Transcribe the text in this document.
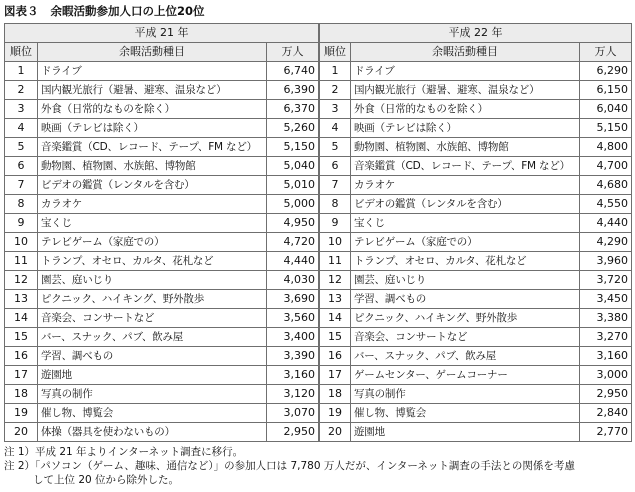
図表３ 余暇活動参加人口の上位20位
平成 21 年		
順位	余暇活動種目	万人
1	ドライブ	6,740
2	国内観光旅行（避暑、避寒、温泉など）	6,390
3	外食（日常的なものを除く）	6,370
4	映画（テレビは除く）	5,260
5	音楽鑑賞（CD、レコード、テープ、FM など）	5,150
6	動物園、植物園、水族館、博物館	5,040
7	ビデオの鑑賞（レンタルを含む）	5,010
8	カラオケ	5,000
9	宝くじ	4,950
10	テレビゲーム（家庭での）	4,720
11	トランプ、オセロ、カルタ、花札など	4,440
12	園芸、庭いじり	4,030
13	ピクニック、ハイキング、野外散歩	3,690
14	音楽会、コンサートなど	3,560
15	バー、スナック、パブ、飲み屋	3,400
16	学習、調べもの	3,390
17	遊園地	3,160
18	写真の制作	3,120
19	催し物、博覧会	3,070
20	体操（器具を使わないもの）	2,950
平成 22 年		
順位	余暇活動種目	万人
1	ドライブ	6,290
2	国内観光旅行（避暑、避寒、温泉など）	6,150
3	外食（日常的なものを除く）	6,040
4	映画（テレビは除く）	5,150
5	動物園、植物園、水族館、博物館	4,800
6	音楽鑑賞（CD、レコード、テープ、FM など）	4,700
7	カラオケ	4,680
8	ビデオの鑑賞（レンタルを含む）	4,550
9	宝くじ	4,440
10	テレビゲーム（家庭での）	4,290
11	トランプ、オセロ、カルタ、花札など	3,960
12	園芸、庭いじり	3,720
13	学習、調べもの	3,450
14	ピクニック、ハイキング、野外散歩	3,380
15	音楽会、コンサートなど	3,270
16	バー、スナック、パブ、飲み屋	3,160
17	ゲームセンター、ゲームコーナー	3,000
18	写真の制作	2,950
19	催し物、博覧会	2,840
20	遊園地	2,770
注 1）平成 21 年よりインターネット調査に移行。
注 2）「パソコン（ゲーム、趣味、通信など）」の参加人口は 7,780 万人だが、インターネット調査の手法との関係を考慮
して上位 20 位から除外した。
